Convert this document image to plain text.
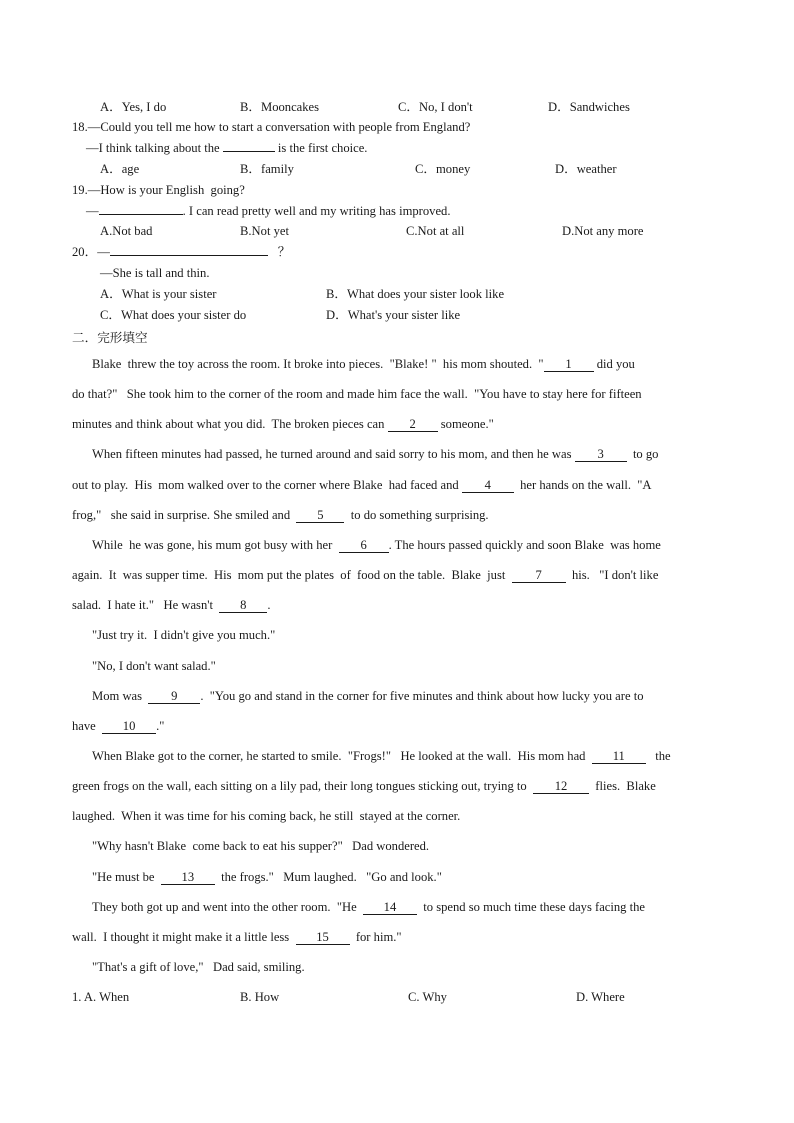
A．Yes, I do	B．Mooncakes	C．No, I don't	D．Sandwiches
18.—Could you tell me how to start a conversation with people from England?
—I think talking about the	is the first choice.
A．age	B．family	C．money	D．weather
19.—How is your English  going?
—	. I can read pretty well and my writing has improved.
A.Not bad	B.Not yet	C.Not at all	D.Not any more
20．—	？
—She is tall and thin.
A．What is your sister	B．What does your sister look like
C．What does your sister do	D．What's your sister like
二．完形填空
Blake  threw the toy across the room. It broke into pieces.  "Blake! "  his mom shouted.  " 1 did you
do that?"   She took him to the corner of the room and made him face the wall.  "You have to stay here for fifteen
minutes and think about what you did.  The broken pieces can 2 someone."
When fifteen minutes had passed, he turned around and said sorry to his mom, and then he was 3  to go
out to play.  His  mom walked over to the corner where Blake  had faced and 4  her hands on the wall.  "A
frog,"   she said in surprise. She smiled and  5  to do something surprising.
While  he was gone, his mum got busy with her  6 . The hours passed quickly and soon Blake  was home
again.  It  was supper time.  His  mom put the plates  of  food on the table.  Blake  just  7  his.   "I don't like
salad.  I hate it."   He wasn't  8 .
"Just try it.  I didn't give you much."
"No, I don't want salad."
Mom was  9 .  "You go and stand in the corner for five minutes and think about how lucky you are to
have  10 ."
When Blake got to the corner, he started to smile.  "Frogs!"   He looked at the wall.  His mom had  11   the
green frogs on the wall, each sitting on a lily pad, their long tongues sticking out, trying to  12  flies.  Blake
laughed.  When it was time for his coming back, he still  stayed at the corner.
"Why hasn't Blake  come back to eat his supper?"   Dad wondered.
"He must be  13  the frogs."   Mum laughed.   "Go and look."
They both got up and went into the other room.  "He  14  to spend so much time these days facing the
wall.  I thought it might make it a little less  15  for him."
"That's a gift of love,"   Dad said, smiling.
1. A. When	B. How	C. Why	D. Where
